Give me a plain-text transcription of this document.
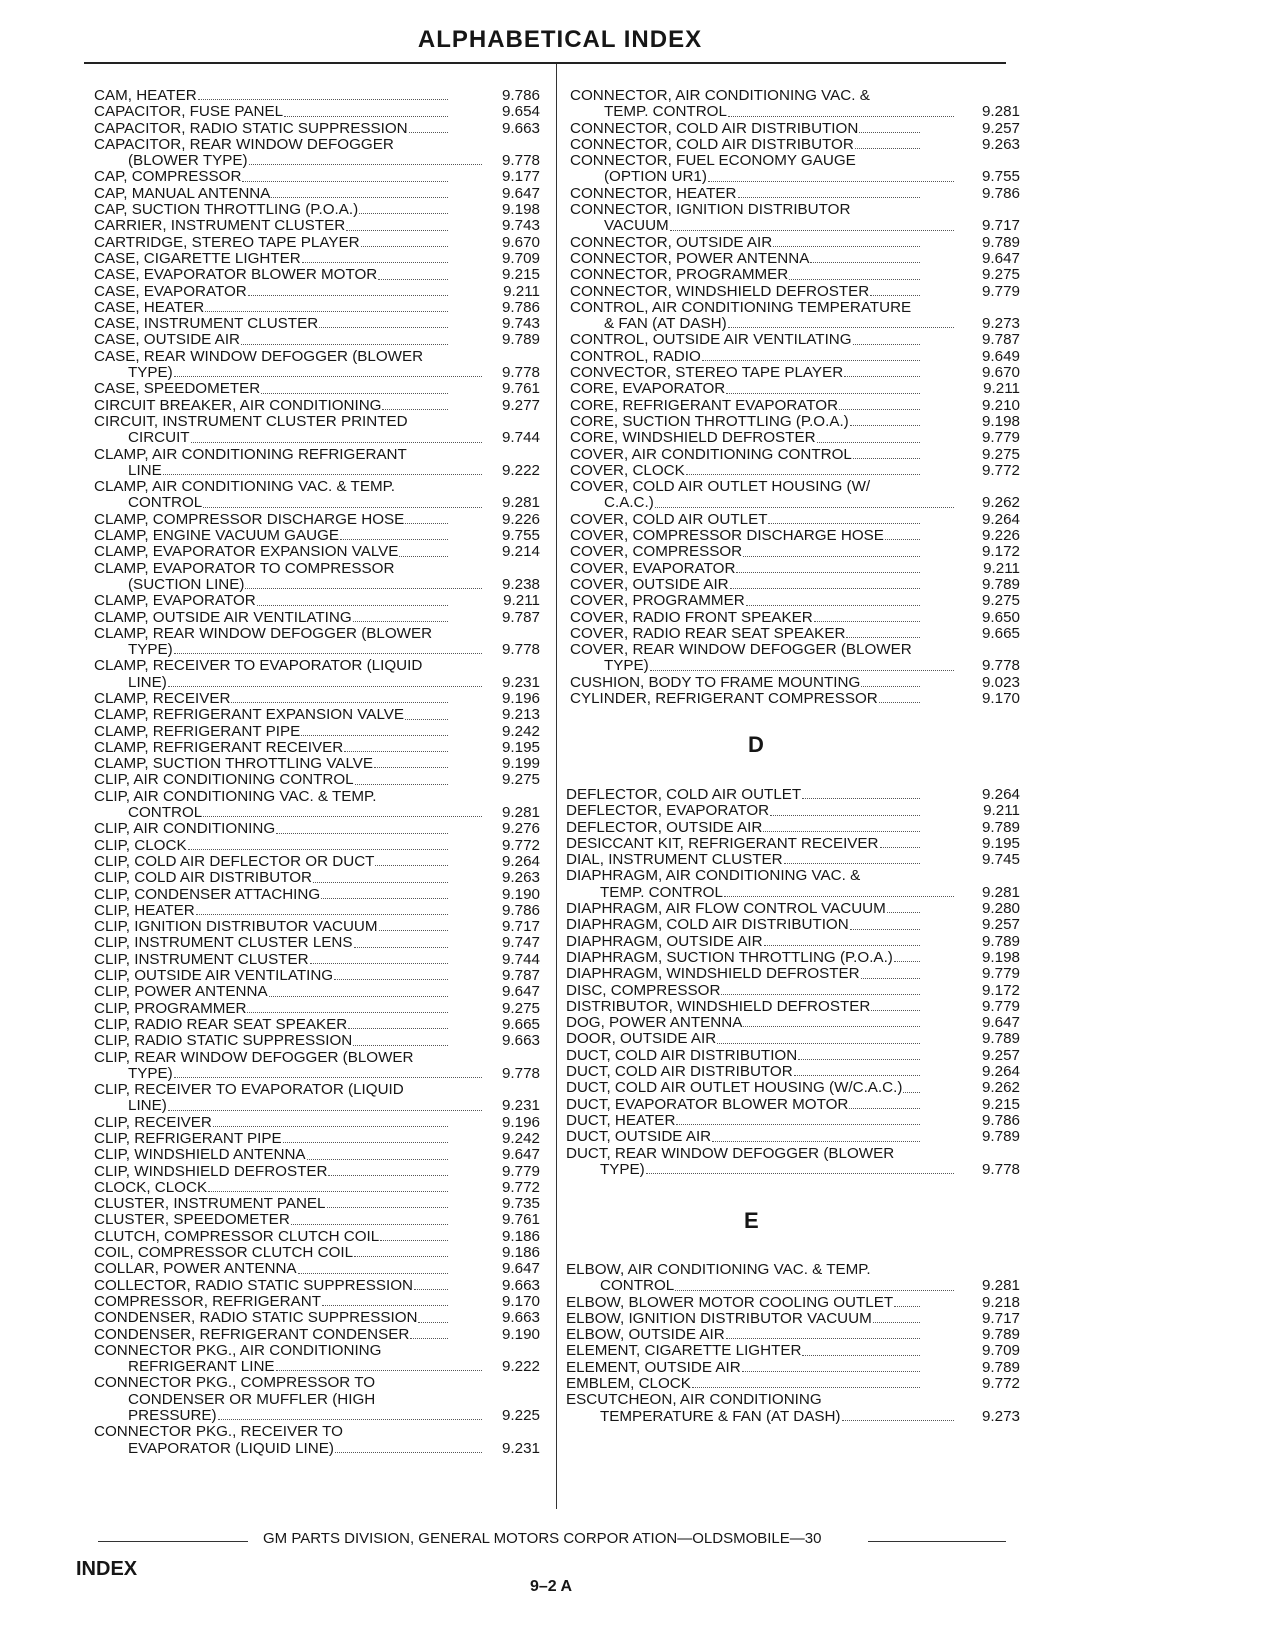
ALPHABETICAL INDEX
CAM, HEATER	9.786
CAPACITOR, FUSE PANEL	9.654
CAPACITOR, RADIO STATIC SUPPRESSION	9.663
CAPACITOR, REAR WINDOW DEFOGGER
(BLOWER TYPE)	9.778
CAP, COMPRESSOR	9.177
CAP, MANUAL ANTENNA	9.647
CAP, SUCTION THROTTLING (P.O.A.)	9.198
CARRIER, INSTRUMENT CLUSTER	9.743
CARTRIDGE, STEREO TAPE PLAYER	9.670
CASE, CIGARETTE LIGHTER	9.709
CASE, EVAPORATOR BLOWER MOTOR	9.215
CASE, EVAPORATOR	9.211
CASE, HEATER	9.786
CASE, INSTRUMENT CLUSTER	9.743
CASE, OUTSIDE AIR	9.789
CASE, REAR WINDOW DEFOGGER (BLOWER
TYPE)	9.778
CASE, SPEEDOMETER	9.761
CIRCUIT BREAKER, AIR CONDITIONING	9.277
CIRCUIT, INSTRUMENT CLUSTER PRINTED
CIRCUIT	9.744
CLAMP, AIR CONDITIONING REFRIGERANT
LINE	9.222
CLAMP, AIR CONDITIONING VAC. & TEMP.
CONTROL	9.281
CLAMP, COMPRESSOR DISCHARGE HOSE	9.226
CLAMP, ENGINE VACUUM GAUGE	9.755
CLAMP, EVAPORATOR EXPANSION VALVE	9.214
CLAMP, EVAPORATOR TO COMPRESSOR
(SUCTION LINE)	9.238
CLAMP, EVAPORATOR	9.211
CLAMP, OUTSIDE AIR VENTILATING	9.787
CLAMP, REAR WINDOW DEFOGGER (BLOWER
TYPE)	9.778
CLAMP, RECEIVER TO EVAPORATOR (LIQUID
LINE)	9.231
CLAMP, RECEIVER	9.196
CLAMP, REFRIGERANT EXPANSION VALVE	9.213
CLAMP, REFRIGERANT PIPE	9.242
CLAMP, REFRIGERANT RECEIVER	9.195
CLAMP, SUCTION THROTTLING VALVE	9.199
CLIP, AIR CONDITIONING CONTROL	9.275
CLIP, AIR CONDITIONING VAC. & TEMP.
CONTROL	9.281
CLIP, AIR CONDITIONING	9.276
CLIP, CLOCK	9.772
CLIP, COLD AIR DEFLECTOR OR DUCT	9.264
CLIP, COLD AIR DISTRIBUTOR	9.263
CLIP, CONDENSER ATTACHING	9.190
CLIP, HEATER	9.786
CLIP, IGNITION DISTRIBUTOR VACUUM	9.717
CLIP, INSTRUMENT CLUSTER LENS	9.747
CLIP, INSTRUMENT CLUSTER	9.744
CLIP, OUTSIDE AIR VENTILATING	9.787
CLIP, POWER ANTENNA	9.647
CLIP, PROGRAMMER	9.275
CLIP, RADIO REAR SEAT SPEAKER	9.665
CLIP, RADIO STATIC SUPPRESSION	9.663
CLIP, REAR WINDOW DEFOGGER (BLOWER
TYPE)	9.778
CLIP, RECEIVER TO EVAPORATOR (LIQUID
LINE)	9.231
CLIP, RECEIVER	9.196
CLIP, REFRIGERANT PIPE	9.242
CLIP, WINDSHIELD ANTENNA	9.647
CLIP, WINDSHIELD DEFROSTER	9.779
CLOCK, CLOCK	9.772
CLUSTER, INSTRUMENT PANEL	9.735
CLUSTER, SPEEDOMETER	9.761
CLUTCH, COMPRESSOR CLUTCH COIL	9.186
COIL, COMPRESSOR CLUTCH COIL	9.186
COLLAR, POWER ANTENNA	9.647
COLLECTOR, RADIO STATIC SUPPRESSION	9.663
COMPRESSOR, REFRIGERANT	9.170
CONDENSER, RADIO STATIC SUPPRESSION	9.663
CONDENSER, REFRIGERANT CONDENSER	9.190
CONNECTOR PKG., AIR CONDITIONING
REFRIGERANT LINE	9.222
CONNECTOR PKG., COMPRESSOR TO
CONDENSER OR MUFFLER (HIGH
PRESSURE)	9.225
CONNECTOR PKG., RECEIVER TO
EVAPORATOR (LIQUID LINE)	9.231
CONNECTOR, AIR CONDITIONING VAC. &
TEMP. CONTROL	9.281
CONNECTOR, COLD AIR DISTRIBUTION	9.257
CONNECTOR, COLD AIR DISTRIBUTOR	9.263
CONNECTOR, FUEL ECONOMY GAUGE
(OPTION UR1)	9.755
CONNECTOR, HEATER	9.786
CONNECTOR, IGNITION DISTRIBUTOR
VACUUM	9.717
CONNECTOR, OUTSIDE AIR	9.789
CONNECTOR, POWER ANTENNA	9.647
CONNECTOR, PROGRAMMER	9.275
CONNECTOR, WINDSHIELD DEFROSTER	9.779
CONTROL, AIR CONDITIONING TEMPERATURE
& FAN (AT DASH)	9.273
CONTROL, OUTSIDE AIR VENTILATING	9.787
CONTROL, RADIO	9.649
CONVECTOR, STEREO TAPE PLAYER	9.670
CORE, EVAPORATOR	9.211
CORE, REFRIGERANT EVAPORATOR	9.210
CORE, SUCTION THROTTLING (P.O.A.)	9.198
CORE, WINDSHIELD DEFROSTER	9.779
COVER, AIR CONDITIONING CONTROL	9.275
COVER, CLOCK	9.772
COVER, COLD AIR OUTLET HOUSING (W/
C.A.C.)	9.262
COVER, COLD AIR OUTLET	9.264
COVER, COMPRESSOR DISCHARGE HOSE	9.226
COVER, COMPRESSOR	9.172
COVER, EVAPORATOR	9.211
COVER, OUTSIDE AIR	9.789
COVER, PROGRAMMER	9.275
COVER, RADIO FRONT SPEAKER	9.650
COVER, RADIO REAR SEAT SPEAKER	9.665
COVER, REAR WINDOW DEFOGGER (BLOWER
TYPE)	9.778
CUSHION, BODY TO FRAME MOUNTING	9.023
CYLINDER, REFRIGERANT COMPRESSOR	9.170
D
DEFLECTOR, COLD AIR OUTLET	9.264
DEFLECTOR, EVAPORATOR	9.211
DEFLECTOR, OUTSIDE AIR	9.789
DESICCANT KIT, REFRIGERANT RECEIVER	9.195
DIAL, INSTRUMENT CLUSTER	9.745
DIAPHRAGM, AIR CONDITIONING VAC. &
TEMP. CONTROL	9.281
DIAPHRAGM, AIR FLOW CONTROL VACUUM	9.280
DIAPHRAGM, COLD AIR DISTRIBUTION	9.257
DIAPHRAGM, OUTSIDE AIR	9.789
DIAPHRAGM, SUCTION THROTTLING (P.O.A.)	9.198
DIAPHRAGM, WINDSHIELD DEFROSTER	9.779
DISC, COMPRESSOR	9.172
DISTRIBUTOR, WINDSHIELD DEFROSTER	9.779
DOG, POWER ANTENNA	9.647
DOOR, OUTSIDE AIR	9.789
DUCT, COLD AIR DISTRIBUTION	9.257
DUCT, COLD AIR DISTRIBUTOR	9.264
DUCT, COLD AIR OUTLET HOUSING (W/C.A.C.)	9.262
DUCT, EVAPORATOR BLOWER MOTOR	9.215
DUCT, HEATER	9.786
DUCT, OUTSIDE AIR	9.789
DUCT, REAR WINDOW DEFOGGER (BLOWER
TYPE)	9.778
E
ELBOW, AIR CONDITIONING VAC. & TEMP.
CONTROL	9.281
ELBOW, BLOWER MOTOR COOLING OUTLET	9.218
ELBOW, IGNITION DISTRIBUTOR VACUUM	9.717
ELBOW, OUTSIDE AIR	9.789
ELEMENT, CIGARETTE LIGHTER	9.709
ELEMENT, OUTSIDE AIR	9.789
EMBLEM, CLOCK	9.772
ESCUTCHEON, AIR CONDITIONING
TEMPERATURE & FAN (AT DASH)	9.273
GM PARTS DIVISION, GENERAL MOTORS CORPOR ATION—OLDSMOBILE—30
INDEX
9–2 A
